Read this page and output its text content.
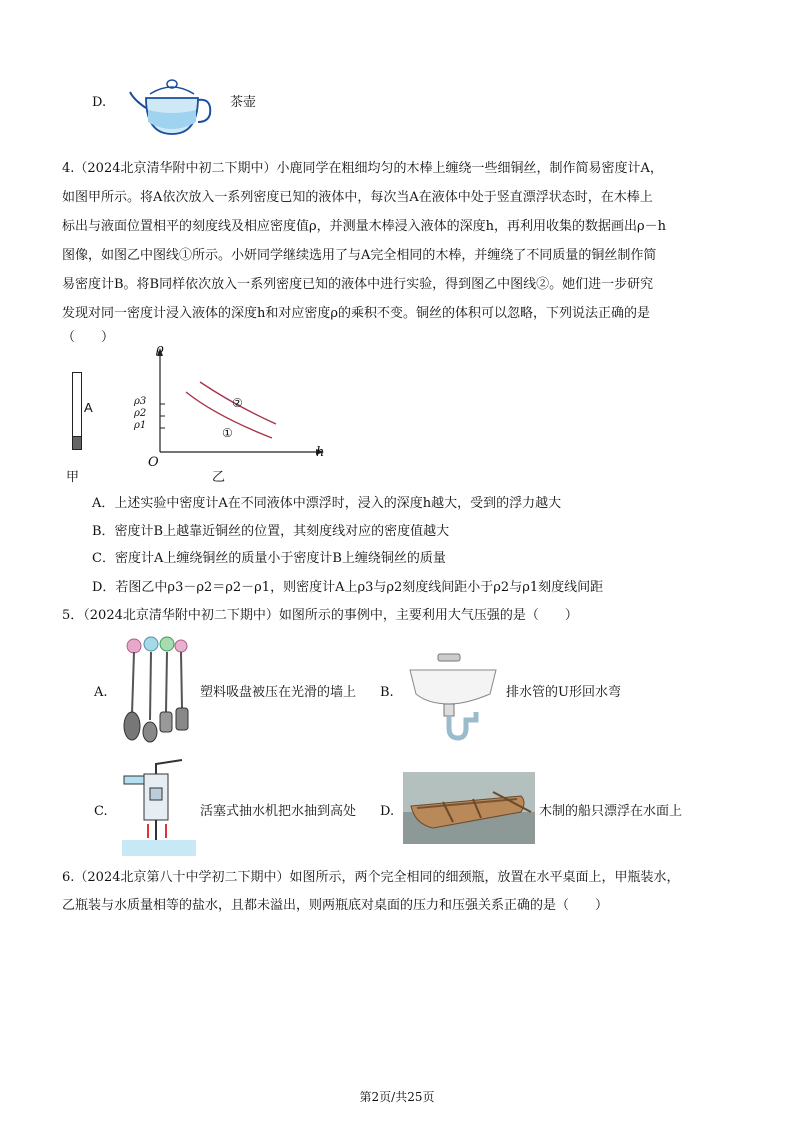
D.	茶壶
4.（2024北京清华附中初二下期中）小鹿同学在粗细均匀的木棒上缠绕一些细铜丝，制作简易密度计A，
如图甲所示。将A依次放入一系列密度已知的液体中，每次当A在液体中处于竖直漂浮状态时，在木棒上
标出与液面位置相平的刻度线及相应密度值ρ，并测量木棒浸入液体的深度h，再利用收集的数据画出ρ－h
图像，如图乙中图线①所示。小妍同学继续选用了与A完全相同的木棒，并缠绕了不同质量的铜丝制作简
易密度计B。将B同样依次放入一系列密度已知的液体中进行实验，得到图乙中图线②。她们进一步研究
发现对同一密度计浸入液体的深度h和对应密度ρ的乘积不变。铜丝的体积可以忽略，下列说法正确的是
（　　）
A
甲
ρ
h
O
ρ3
ρ2
ρ1
②
①
乙
A．上述实验中密度计A在不同液体中漂浮时，浸入的深度h越大，受到的浮力越大
B．密度计B上越靠近铜丝的位置，其刻度线对应的密度值越大
C．密度计A上缠绕铜丝的质量小于密度计B上缠绕铜丝的质量
D．若图乙中ρ3－ρ2＝ρ2－ρ1，则密度计A上ρ3与ρ2刻度线间距小于ρ2与ρ1刻度线间距
5．（2024北京清华附中初二下期中）如图所示的事例中，主要利用大气压强的是（　　）
A.	塑料吸盘被压在光滑的墙上 B.	排水管的U形回水弯
C.	活塞式抽水机把水抽到高处 D.	木制的船只漂浮在水面上
6.（2024北京第八十中学初二下期中）如图所示，两个完全相同的细颈瓶，放置在水平桌面上，甲瓶装水，
乙瓶装与水质量相等的盐水，且都未溢出，则两瓶底对桌面的压力和压强关系正确的是（　　）
第2页/共25页
